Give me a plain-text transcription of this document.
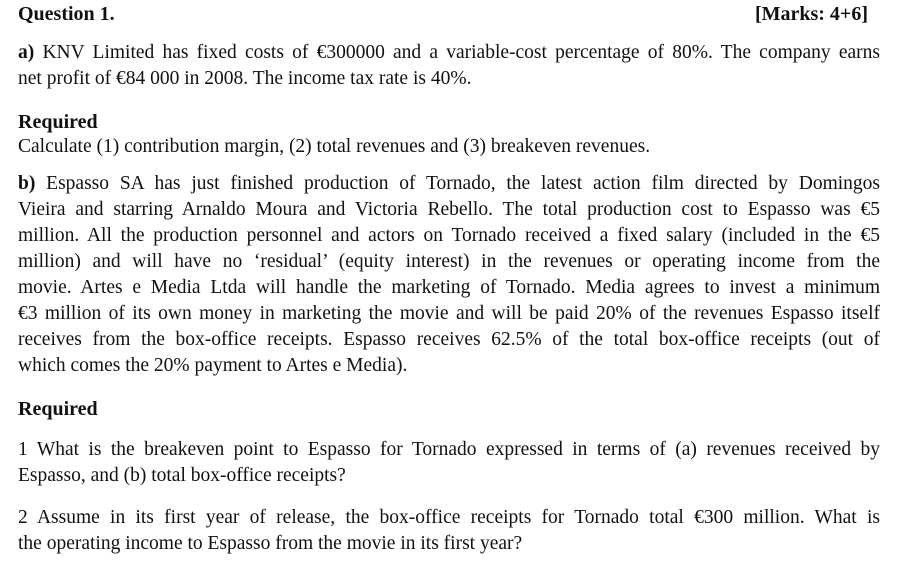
Question 1.	[Marks: 4+6]
a) KNV Limited has fixed costs of €300000 and a variable-cost percentage of 80%. The company earns
net profit of €84 000 in 2008. The income tax rate is 40%.
Required
Calculate (1) contribution margin, (2) total revenues and (3) breakeven revenues.
b) Espasso SA has just finished production of Tornado, the latest action film directed by Domingos
Vieira and starring Arnaldo Moura and Victoria Rebello. The total production cost to Espasso was €5
million. All the production personnel and actors on Tornado received a fixed salary (included in the €5
million) and will have no ‘residual’ (equity interest) in the revenues or operating income from the
movie. Artes e Media Ltda will handle the marketing of Tornado. Media agrees to invest a minimum
€3 million of its own money in marketing the movie and will be paid 20% of the revenues Espasso itself
receives from the box-office receipts. Espasso receives 62.5% of the total box-office receipts (out of
which comes the 20% payment to Artes e Media).
Required
1 What is the breakeven point to Espasso for Tornado expressed in terms of (a) revenues received by
Espasso, and (b) total box-office receipts?
2 Assume in its first year of release, the box-office receipts for Tornado total €300 million. What is
the operating income to Espasso from the movie in its first year?
